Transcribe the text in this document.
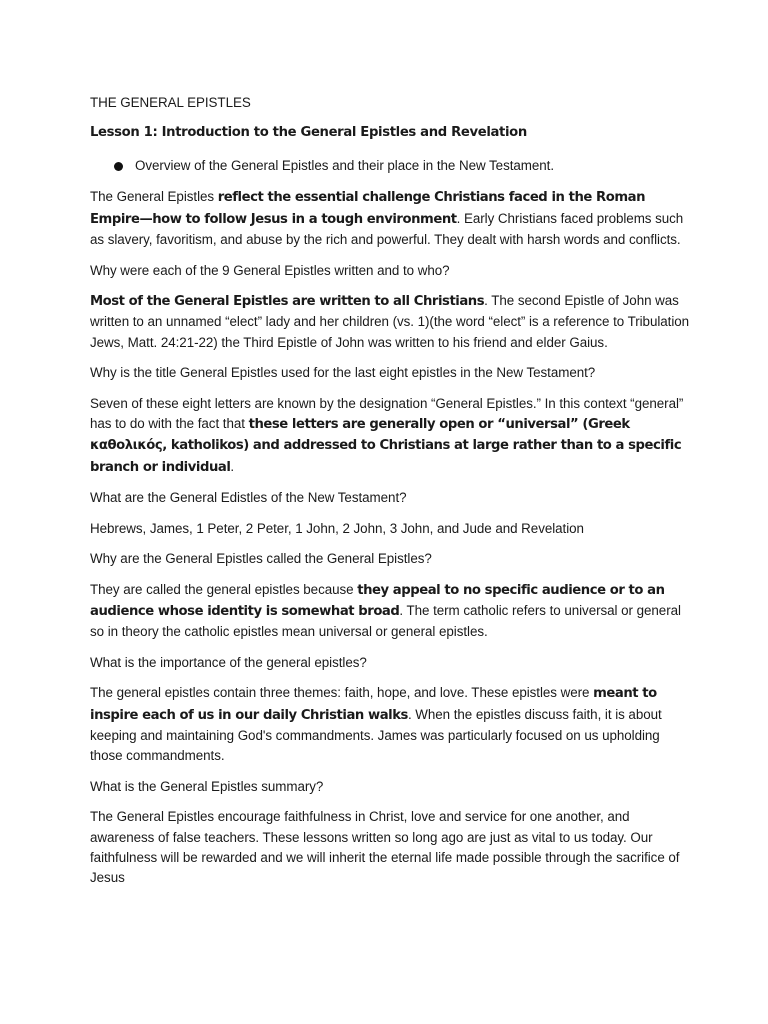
THE GENERAL EPISTLES

Lesson 1: Introduction to the General Epistles and Revelation

Overview of the General Epistles and their place in the New Testament.

The General Epistles reflect the essential challenge Christians faced in the Roman Empire—how to follow Jesus in a tough environment. Early Christians faced problems such as slavery, favoritism, and abuse by the rich and powerful. They dealt with harsh words and conflicts.

Why were each of the 9 General Epistles written and to who?

Most of the General Epistles are written to all Christians. The second Epistle of John was written to an unnamed “elect” lady and her children (vs. 1)(the word “elect” is a reference to Tribulation Jews, Matt. 24:21-22) the Third Epistle of John was written to his friend and elder Gaius.

Why is the title General Epistles used for the last eight epistles in the New Testament?

Seven of these eight letters are known by the designation “General Epistles.” In this context “general” has to do with the fact that these letters are generally open or “universal” (Greek καθολικός, katholikos) and addressed to Christians at large rather than to a specific branch or individual.

What are the General Edistles of the New Testament?

Hebrews, James, 1 Peter, 2 Peter, 1 John, 2 John, 3 John, and Jude and Revelation

Why are the General Epistles called the General Epistles?

They are called the general epistles because they appeal to no specific audience or to an audience whose identity is somewhat broad. The term catholic refers to universal or general so in theory the catholic epistles mean universal or general epistles.

What is the importance of the general epistles?

The general epistles contain three themes: faith, hope, and love. These epistles were meant to inspire each of us in our daily Christian walks. When the epistles discuss faith, it is about keeping and maintaining God's commandments. James was particularly focused on us upholding those commandments.

What is the General Epistles summary?

The General Epistles encourage faithfulness in Christ, love and service for one another, and awareness of false teachers. These lessons written so long ago are just as vital to us today. Our faithfulness will be rewarded and we will inherit the eternal life made possible through the sacrifice of Jesus
